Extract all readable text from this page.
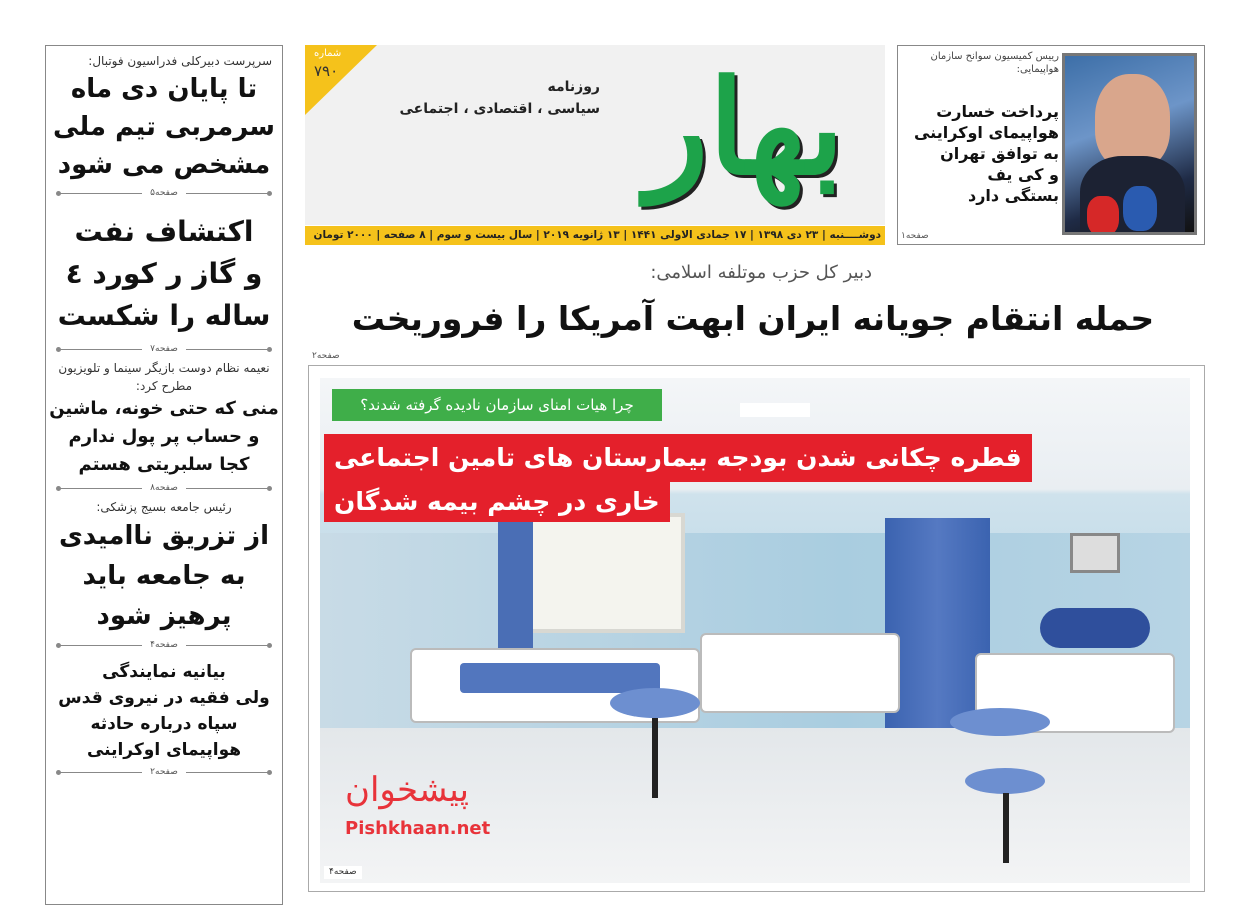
سرپرست دبیرکلی فدراسیون فوتبال:
تا پایان دی ماه
سرمربی تیم ملی
مشخص می شود
صفحه۵
اکتشاف نفت
و گاز ر کورد ٤
ساله را شکست
صفحه۷
نعیمه نظام دوست بازیگر سینما و تلویزیون مطرح کرد:
منی که حتی خونه، ماشین
و حساب پر پول ندارم
کجا سلبریتی هستم
صفحه۸
رئیس جامعه بسیج پزشکی:
از تزریق ناامیدی
به جامعه باید
پرهیز شود
صفحه۴
بیانیه نمایندگی
ولی فقیه در نیروی قدس
سپاه درباره حادثه
هواپیمای اوکراینی
صفحه۲
شماره
۷۹۰ بهار
روزنامه
سیاسی ، اقتصادی ، اجتماعی
دوشــــنبه | ۲۳ دی ۱۳۹۸ | ۱۷ جمادی الاولی ۱۴۴۱ | ۱۳ ژانویه ۲۰۱۹ | سال بیست و سوم | ۸ صفحه | ۲۰۰۰ تومان
رییس کمیسیون سوانح سازمان هواپیمایی:
پرداخت خسارت
هواپیمای اوکراینی
به توافق تهران
و کی یف
بستگی دارد
صفحه۱
دبیر کل حزب موتلفه اسلامی:
حمله انتقام جویانه ایران ابهت آمریکا را فروریخت
صفحه۲
چرا هیات امنای سازمان نادیده گرفته شدند؟
قطره چکانی شدن بودجه بیمارستان های تامین اجتماعی
خاری در چشم بیمه شدگان
صفحه۴
پیشخوان
Pishkhaan.net
